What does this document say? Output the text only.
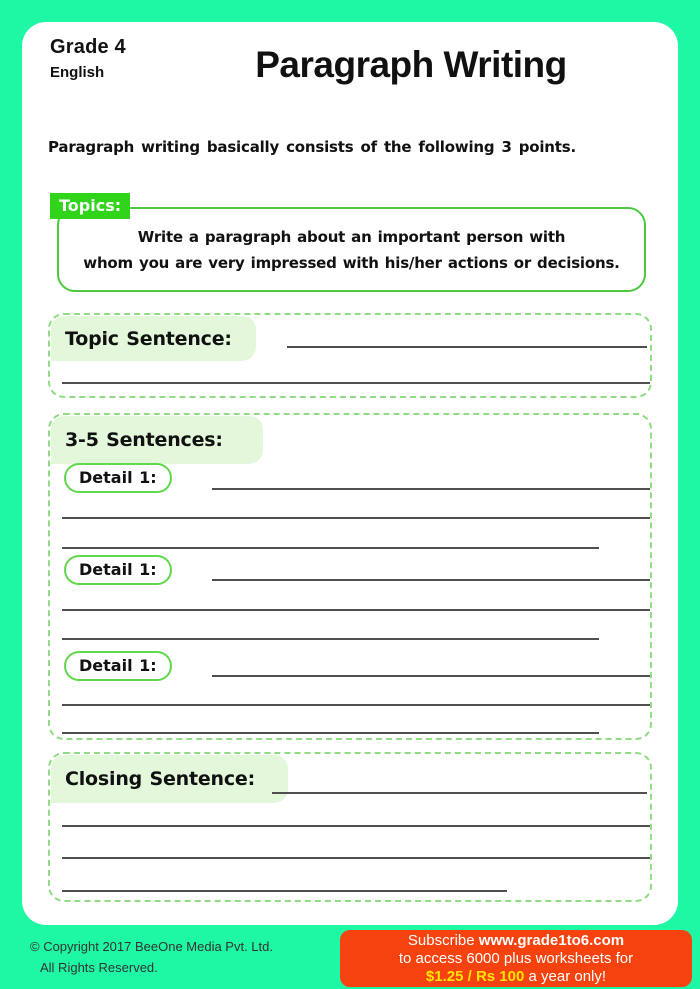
Grade 4
English	Paragraph Writing
Paragraph writing basically consists of the following 3 points.
Topics:
Write a paragraph about an important person with
whom you are very impressed with his/her actions or decisions.
Topic Sentence:
3-5 Sentences:
Detail 1:
Detail 1:
Detail 1:
Closing Sentence:
© Copyright 2017 BeeOne Media Pvt. Ltd.
All Rights Reserved.
Subscribe www.grade1to6.com
to access 6000 plus worksheets for
$1.25 / Rs 100 a year only!
